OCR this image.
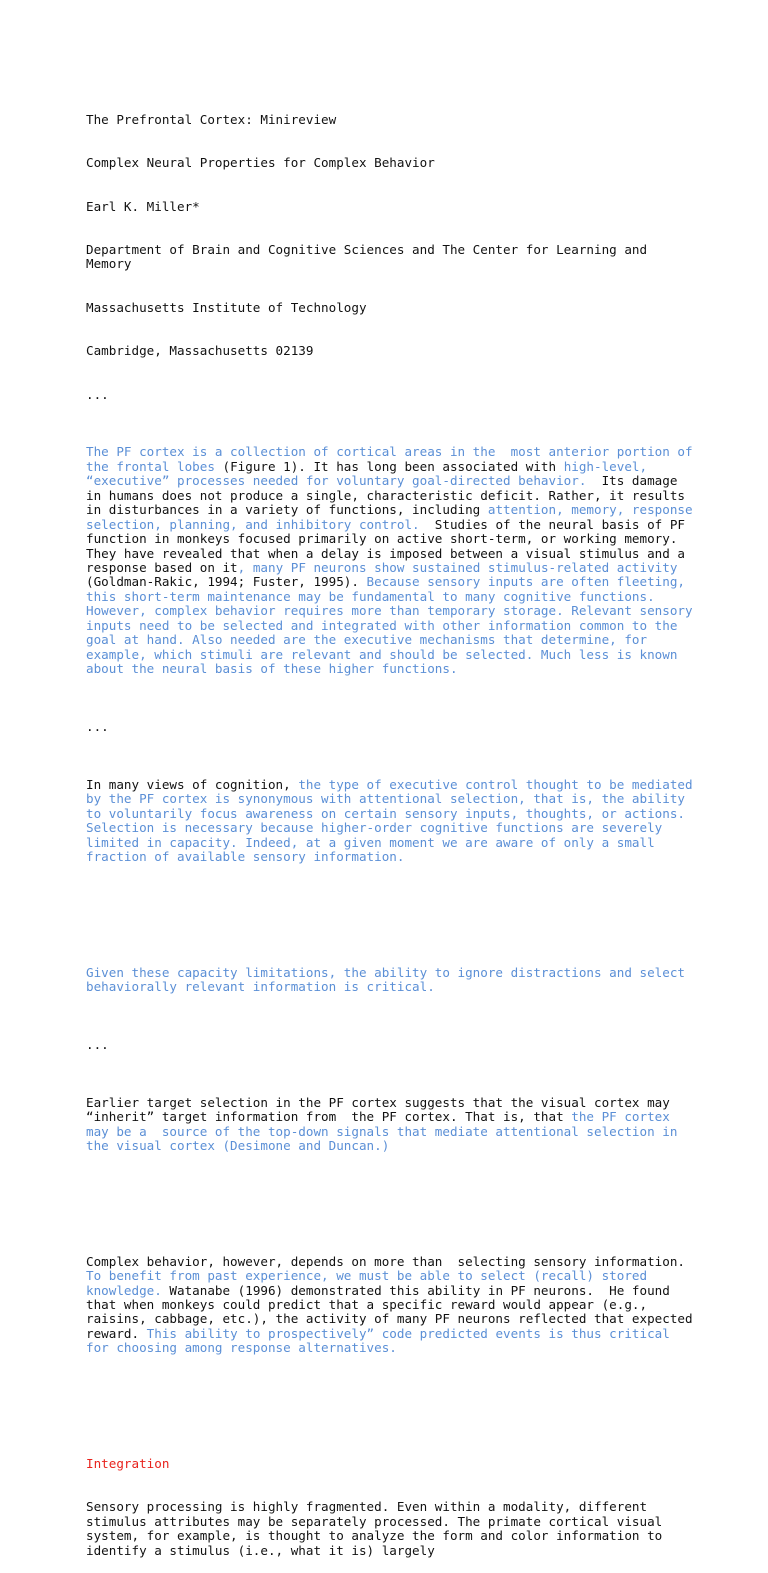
The Prefrontal Cortex: Minireview

Complex Neural Properties for Complex Behavior

Earl K. Miller*

Department of Brain and Cognitive Sciences and The Center for Learning and Memory

Massachusetts Institute of Technology

Cambridge, Massachusetts 02139

...

The PF cortex is a collection of cortical areas in the  most anterior portion of the frontal lobes (Figure 1). It has long been associated with high-level, “executive” processes needed for voluntary goal-directed behavior.  Its damage in humans does not produce a single, characteristic deficit. Rather, it results in disturbances in a variety of functions, including attention, memory, response selection, planning, and inhibitory control.  Studies of the neural basis of PF function in monkeys focused primarily on active short-term, or working memory. They have revealed that when a delay is imposed between a visual stimulus and a response based on it, many PF neurons show sustained stimulus-related activity (Goldman-Rakic, 1994; Fuster, 1995). Because sensory inputs are often fleeting, this short-term maintenance may be fundamental to many cognitive functions.  However, complex behavior requires more than temporary storage. Relevant sensory inputs need to be selected and integrated with other information common to the goal at hand. Also needed are the executive mechanisms that determine, for example, which stimuli are relevant and should be selected. Much less is known about the neural basis of these higher functions.

...

In many views of cognition, the type of executive control thought to be mediated by the PF cortex is synonymous with attentional selection, that is, the ability to voluntarily focus awareness on certain sensory inputs, thoughts, or actions. Selection is necessary because higher-order cognitive functions are severely limited in capacity. Indeed, at a given moment we are aware of only a small fraction of available sensory information.

Given these capacity limitations, the ability to ignore distractions and select behaviorally relevant information is critical.

...

Earlier target selection in the PF cortex suggests that the visual cortex may “inherit” target information from  the PF cortex. That is, that the PF cortex may be a  source of the top-down signals that mediate attentional selection in the visual cortex (Desimone and Duncan.)

Complex behavior, however, depends on more than  selecting sensory information. To benefit from past experience, we must be able to select (recall) stored knowledge. Watanabe (1996) demonstrated this ability in PF neurons.  He found that when monkeys could predict that a specific reward would appear (e.g., raisins, cabbage, etc.), the activity of many PF neurons reflected that expected reward. This ability to prospectively” code predicted events is thus critical for choosing among response alternatives.

Integration

Sensory processing is highly fragmented. Even within a modality, different stimulus attributes may be separately processed. The primate cortical visual system, for example, is thought to analyze the form and color information to identify a stimulus (i.e., what it is) largely
